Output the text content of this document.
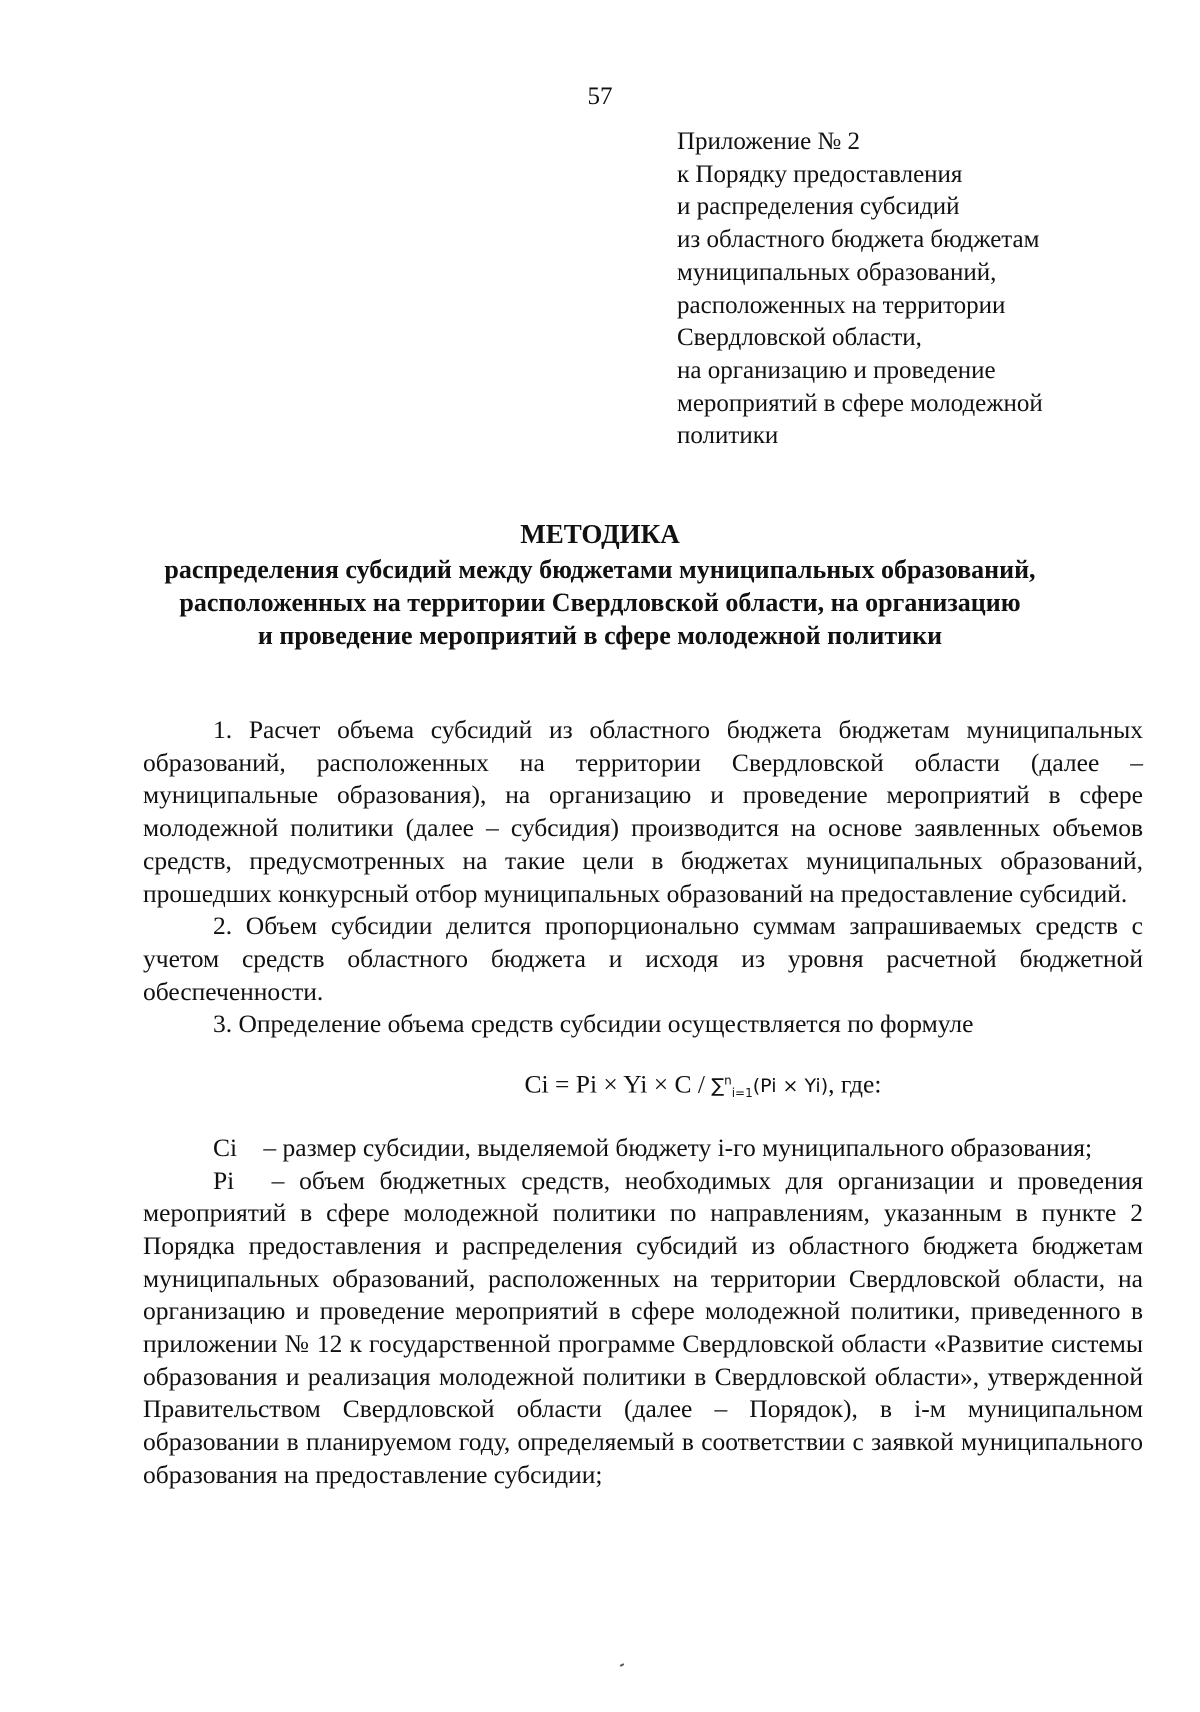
57
Приложение № 2
к Порядку предоставления
и распределения субсидий
из областного бюджета бюджетам
муниципальных образований,
расположенных на территории
Свердловской области,
на организацию и проведение
мероприятий в сфере молодежной
политики
МЕТОДИКА
распределения субсидий между бюджетами муниципальных образований,
расположенных на территории Свердловской области, на организацию
и проведение мероприятий в сфере молодежной политики

1. Расчет объема субсидий из областного бюджета бюджетам муниципальных образований, расположенных на территории Свердловской области (далее – муниципальные образования), на организацию и проведение мероприятий в сфере молодежной политики (далее – субсидия) производится на основе заявленных объемов средств, предусмотренных на такие цели в бюджетах муниципальных образований, прошедших конкурсный отбор муниципальных образований на предоставление субсидий.

2. Объем субсидии делится пропорционально суммам запрашиваемых средств с учетом средств областного бюджета и исходя из уровня расчетной бюджетной обеспеченности.

3. Определение объема средств субсидии осуществляется по формуле

Ci = Pi × Yi × C / ∑$^n_{i=1}$(Pi × Yi), где:

Ci – размер субсидии, выделяемой бюджету i-го муниципального образования;

Pi – объем бюджетных средств, необходимых для организации и проведения мероприятий в сфере молодежной политики по направлениям, указанным в пункте 2 Порядка предоставления и распределения субсидий из областного бюджета бюджетам муниципальных образований, расположенных на территории Свердловской области, на организацию и проведение мероприятий в сфере молодежной политики, приведенного в приложении № 12 к государственной программе Свердловской области «Развитие системы образования и реализация молодежной политики в Свердловской области», утвержденной Правительством Свердловской области (далее – Порядок), в i-м муниципальном образовании в планируемом году, определяемый в соответствии с заявкой муниципального образования на предоставление субсидии;
